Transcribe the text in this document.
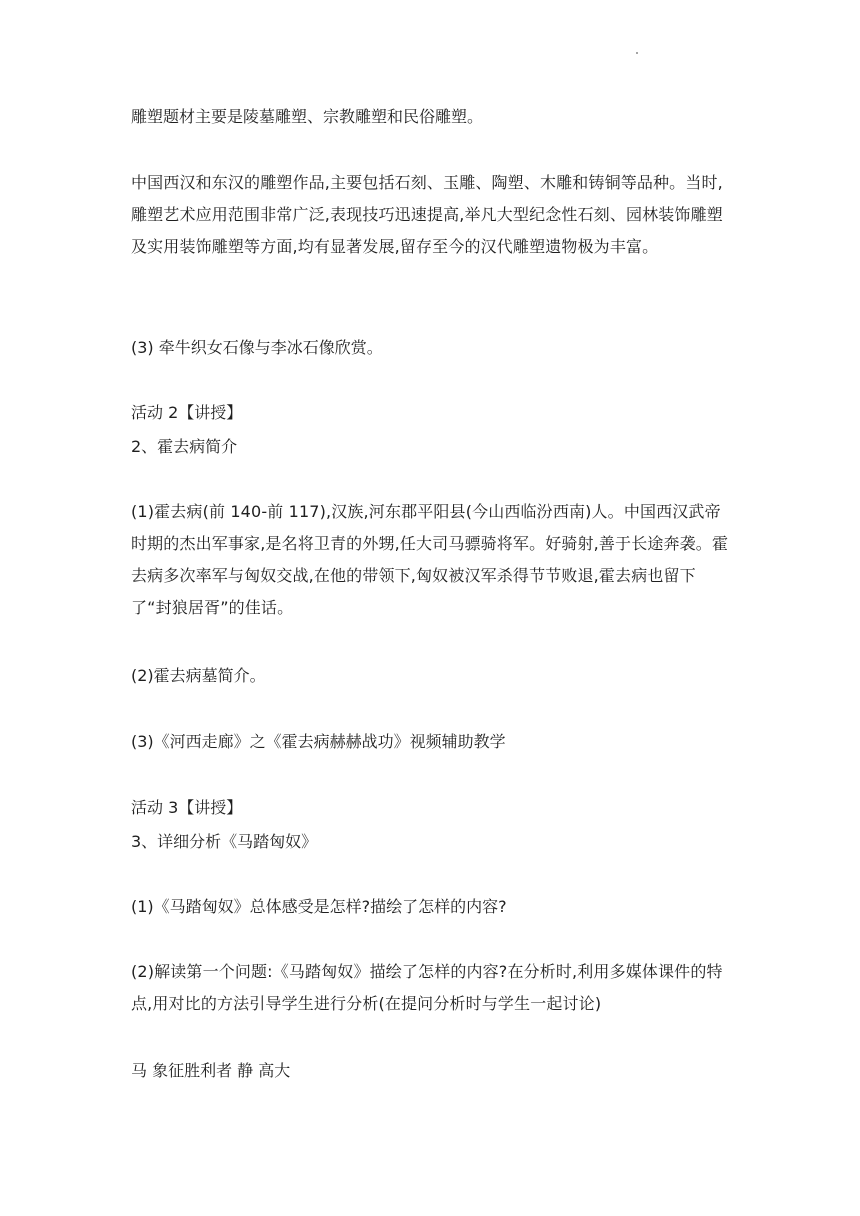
雕塑题材主要是陵墓雕塑、宗教雕塑和民俗雕塑。

中国西汉和东汉的雕塑作品,主要包括石刻、玉雕、陶塑、木雕和铸铜等品种。当时,雕塑艺术应用范围非常广泛,表现技巧迅速提高,举凡大型纪念性石刻、园林装饰雕塑及实用装饰雕塑等方面,均有显著发展,留存至今的汉代雕塑遗物极为丰富。

(3) 牵牛织女石像与李冰石像欣赏。

活动 2【讲授】

2、霍去病简介

(1)霍去病(前 140-前 117),汉族,河东郡平阳县(今山西临汾西南)人。中国西汉武帝时期的杰出军事家,是名将卫青的外甥,任大司马骠骑将军。好骑射,善于长途奔袭。霍去病多次率军与匈奴交战,在他的带领下,匈奴被汉军杀得节节败退,霍去病也留下了“封狼居胥”的佳话。

(2)霍去病墓简介。

(3)《河西走廊》之《霍去病赫赫战功》视频辅助教学

活动 3【讲授】

3、详细分析《马踏匈奴》

(1)《马踏匈奴》总体感受是怎样?描绘了怎样的内容?

(2)解读第一个问题:《马踏匈奴》描绘了怎样的内容?在分析时,利用多媒体课件的特点,用对比的方法引导学生进行分析(在提问分析时与学生一起讨论)

马 象征胜利者 静 高大
